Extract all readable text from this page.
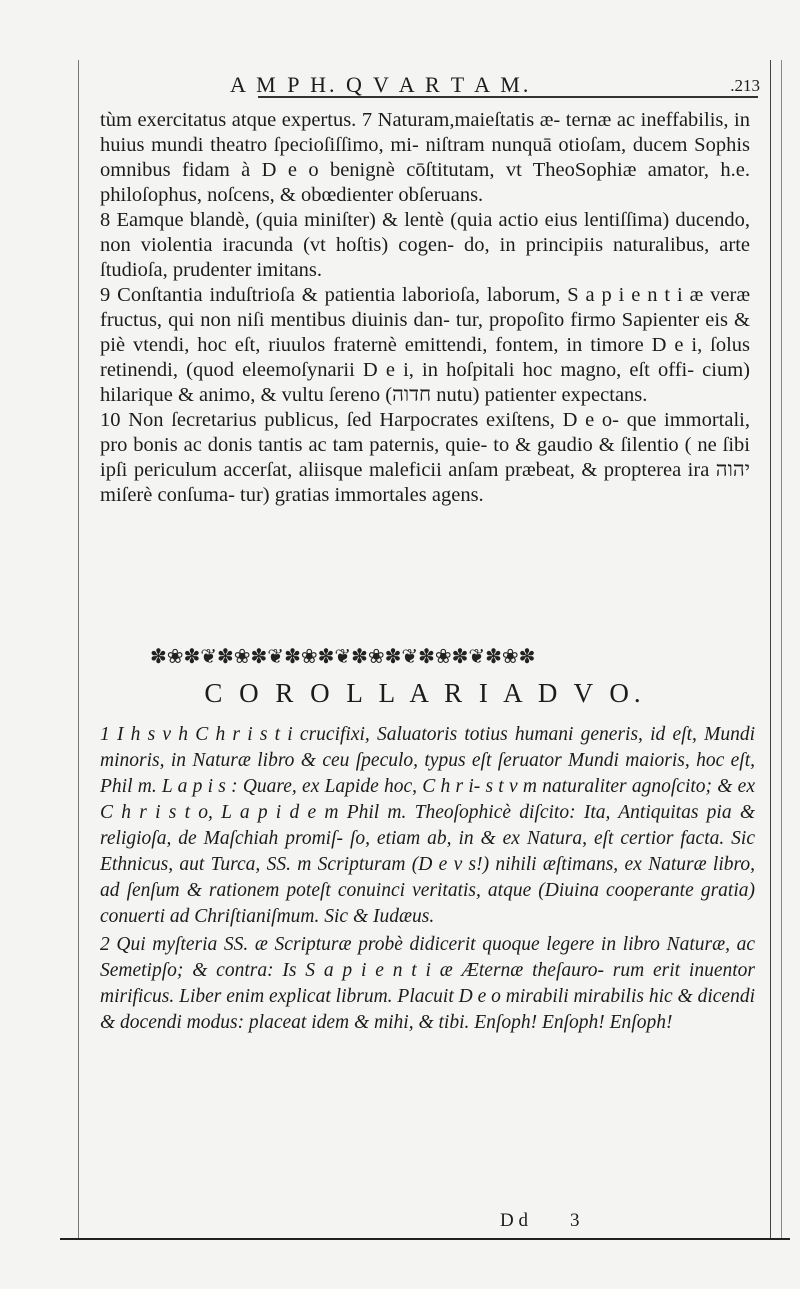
A M P H. Q V A R T A M.	.213

tùm exercitatus atque expertus. 7 Naturam,maieſtatis æ- ternæ ac ineffabilis, in huius mundi theatro ſpecioſiſſimo, mi- niſtram nunquā otioſam, ducem Sophis omnibus fidam à D e o benignè cōſtitutam, vt TheoSophiæ amator, h.e. philoſophus, noſcens, & obœdienter obſeruans.

8 Eamque blandè, (quia miniſter) & lentè (quia actio eius lentiſſima) ducendo, non violentia iracunda (vt hoſtis) cogen- do, in principiis naturalibus, arte ſtudioſa, prudenter imitans.

9 Conſtantia induſtrioſa & patientia laborioſa, laborum, S a p i e n t i æ veræ fructus, qui non niſi mentibus diuinis dan- tur, propoſito firmo Sapienter eis & piè vtendi, hoc eſt, riuulos fraternè emittendi, fontem, in timore D e i, ſolus retinendi, (quod eleemoſynarii D e i, in hoſpitali hoc magno, eſt offi- cium) hilarique & animo, & vultu ſereno (חדוה nutu) patienter expectans.

10 Non ſecretarius publicus, ſed Harpocrates exiſtens, D e o- que immortali, pro bonis ac donis tantis ac tam paternis, quie- to & gaudio & ſilentio ( ne ſibi ipſi periculum accerſat, aliisque maleficii anſam præbeat, & propterea ira יהוה miſerè conſuma- tur) gratias immortales agens.

✽❀✽❦✽❀✽❦✽❀✽❦✽❀✽❦✽❀✽❦✽❀✽
C O R O L L A R I A D V O.

1 I h s v h C h r i s t i crucifixi, Saluatoris totius humani generis, id eſt, Mundi minoris, in Naturæ libro & ceu ſpeculo, typus eſt ſeruator Mundi maioris, hoc eſt, Phil m. L a p i s : Quare, ex Lapide hoc, C h r i- s t v m naturaliter agnoſcito; & ex C h r i s t o, L a p i d e m Phil m. Theoſophicè diſcito: Ita, Antiquitas pia & religioſa, de Maſchiah promiſ- ſo, etiam ab, in & ex Natura, eſt certior facta. Sic Ethnicus, aut Turca, SS. m Scripturam (D e v s!) nihili æſtimans, ex Naturæ libro, ad ſenſum & rationem poteſt conuinci veritatis, atque (Diuina cooperante gratia) conuerti ad Chriſtianiſmum. Sic & Iudæus.

2 Qui myſteria SS. æ Scripturæ probè didicerit quoque legere in libro Naturæ, ac Semetipſo; & contra: Is S a p i e n t i æ Æternæ theſauro- rum erit inuentor mirificus. Liber enim explicat librum. Placuit D e o mirabili mirabilis hic & dicendi & docendi modus: placeat idem & mihi, & tibi. Enſoph! Enſoph! Enſoph!

D d 3
